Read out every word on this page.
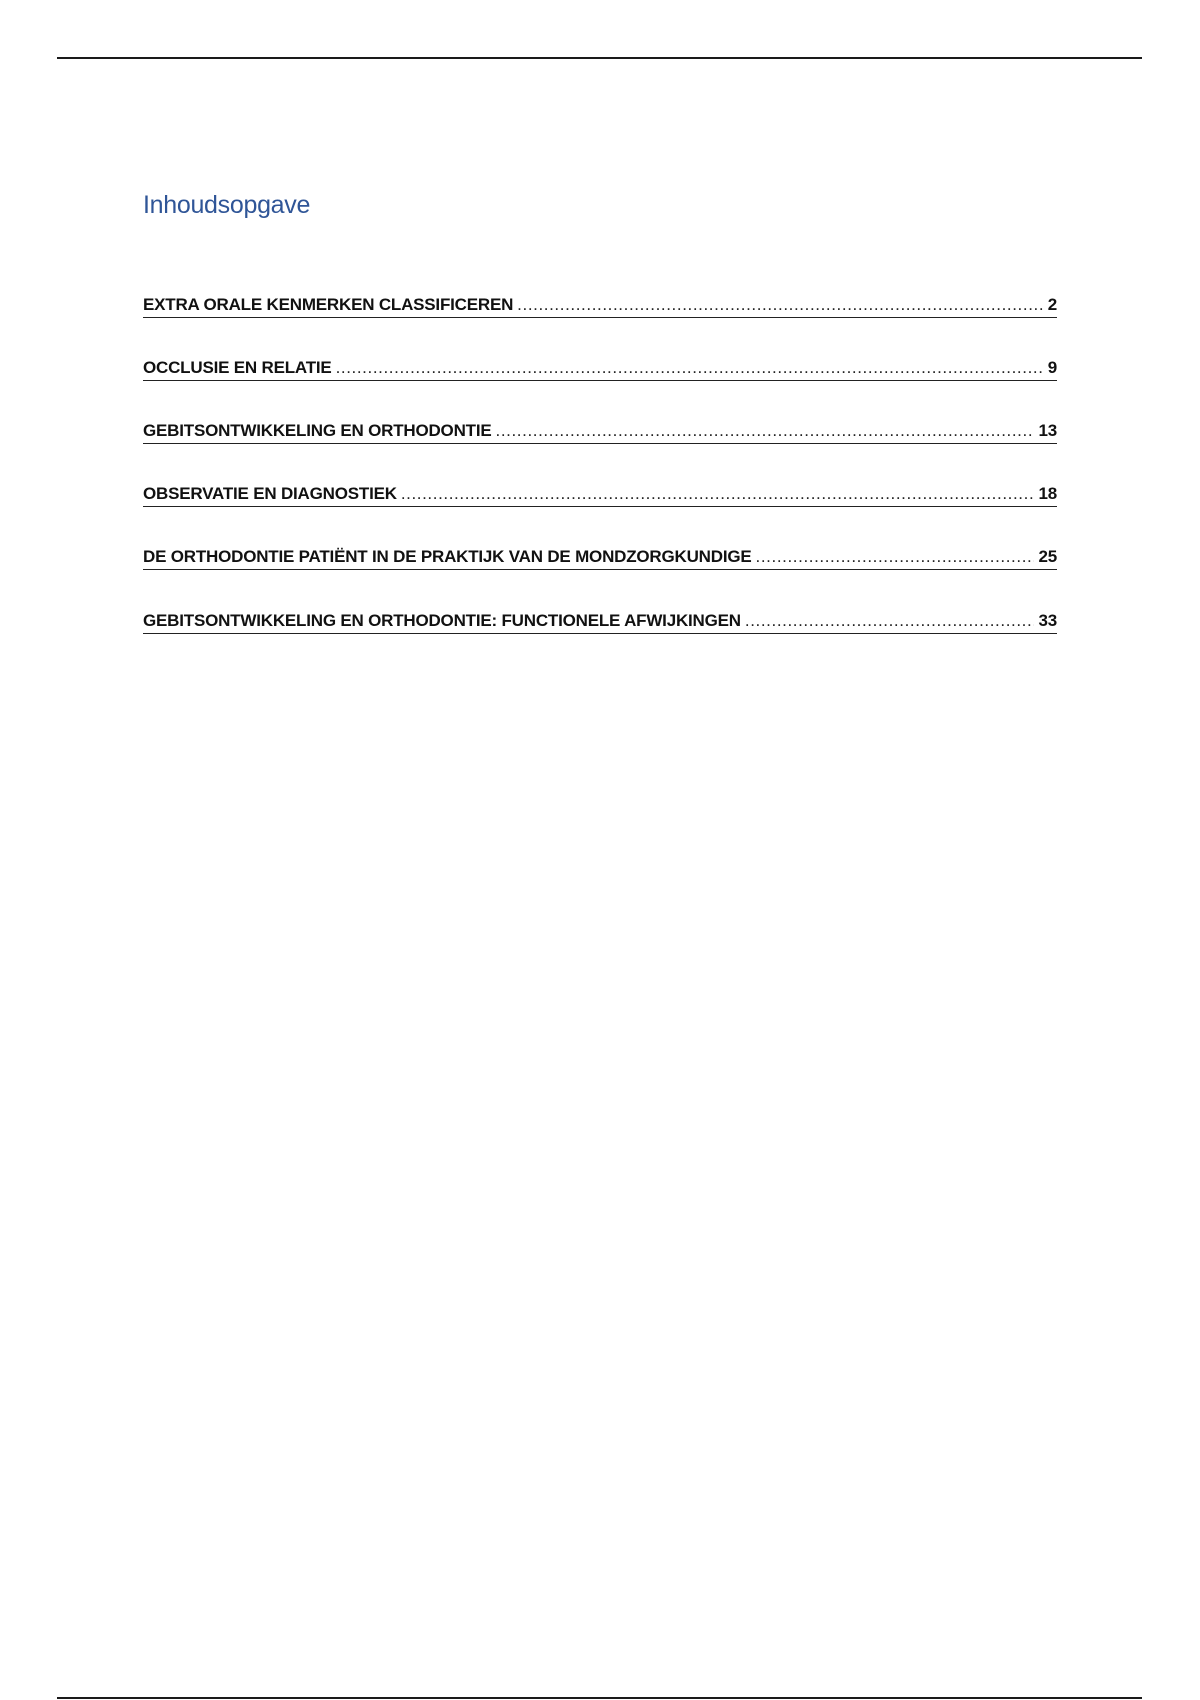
Inhoudsopgave
EXTRA ORALE KENMERKEN CLASSIFICEREN .....	2
OCCLUSIE EN RELATIE .....	9
GEBITSONTWIKKELING EN ORTHODONTIE .....	13
OBSERVATIE EN DIAGNOSTIEK .....	18
DE ORTHODONTIE PATIËNT IN DE PRAKTIJK VAN DE MONDZORGKUNDIGE .....	25
GEBITSONTWIKKELING EN ORTHODONTIE: FUNCTIONELE AFWIJKINGEN .....	33
